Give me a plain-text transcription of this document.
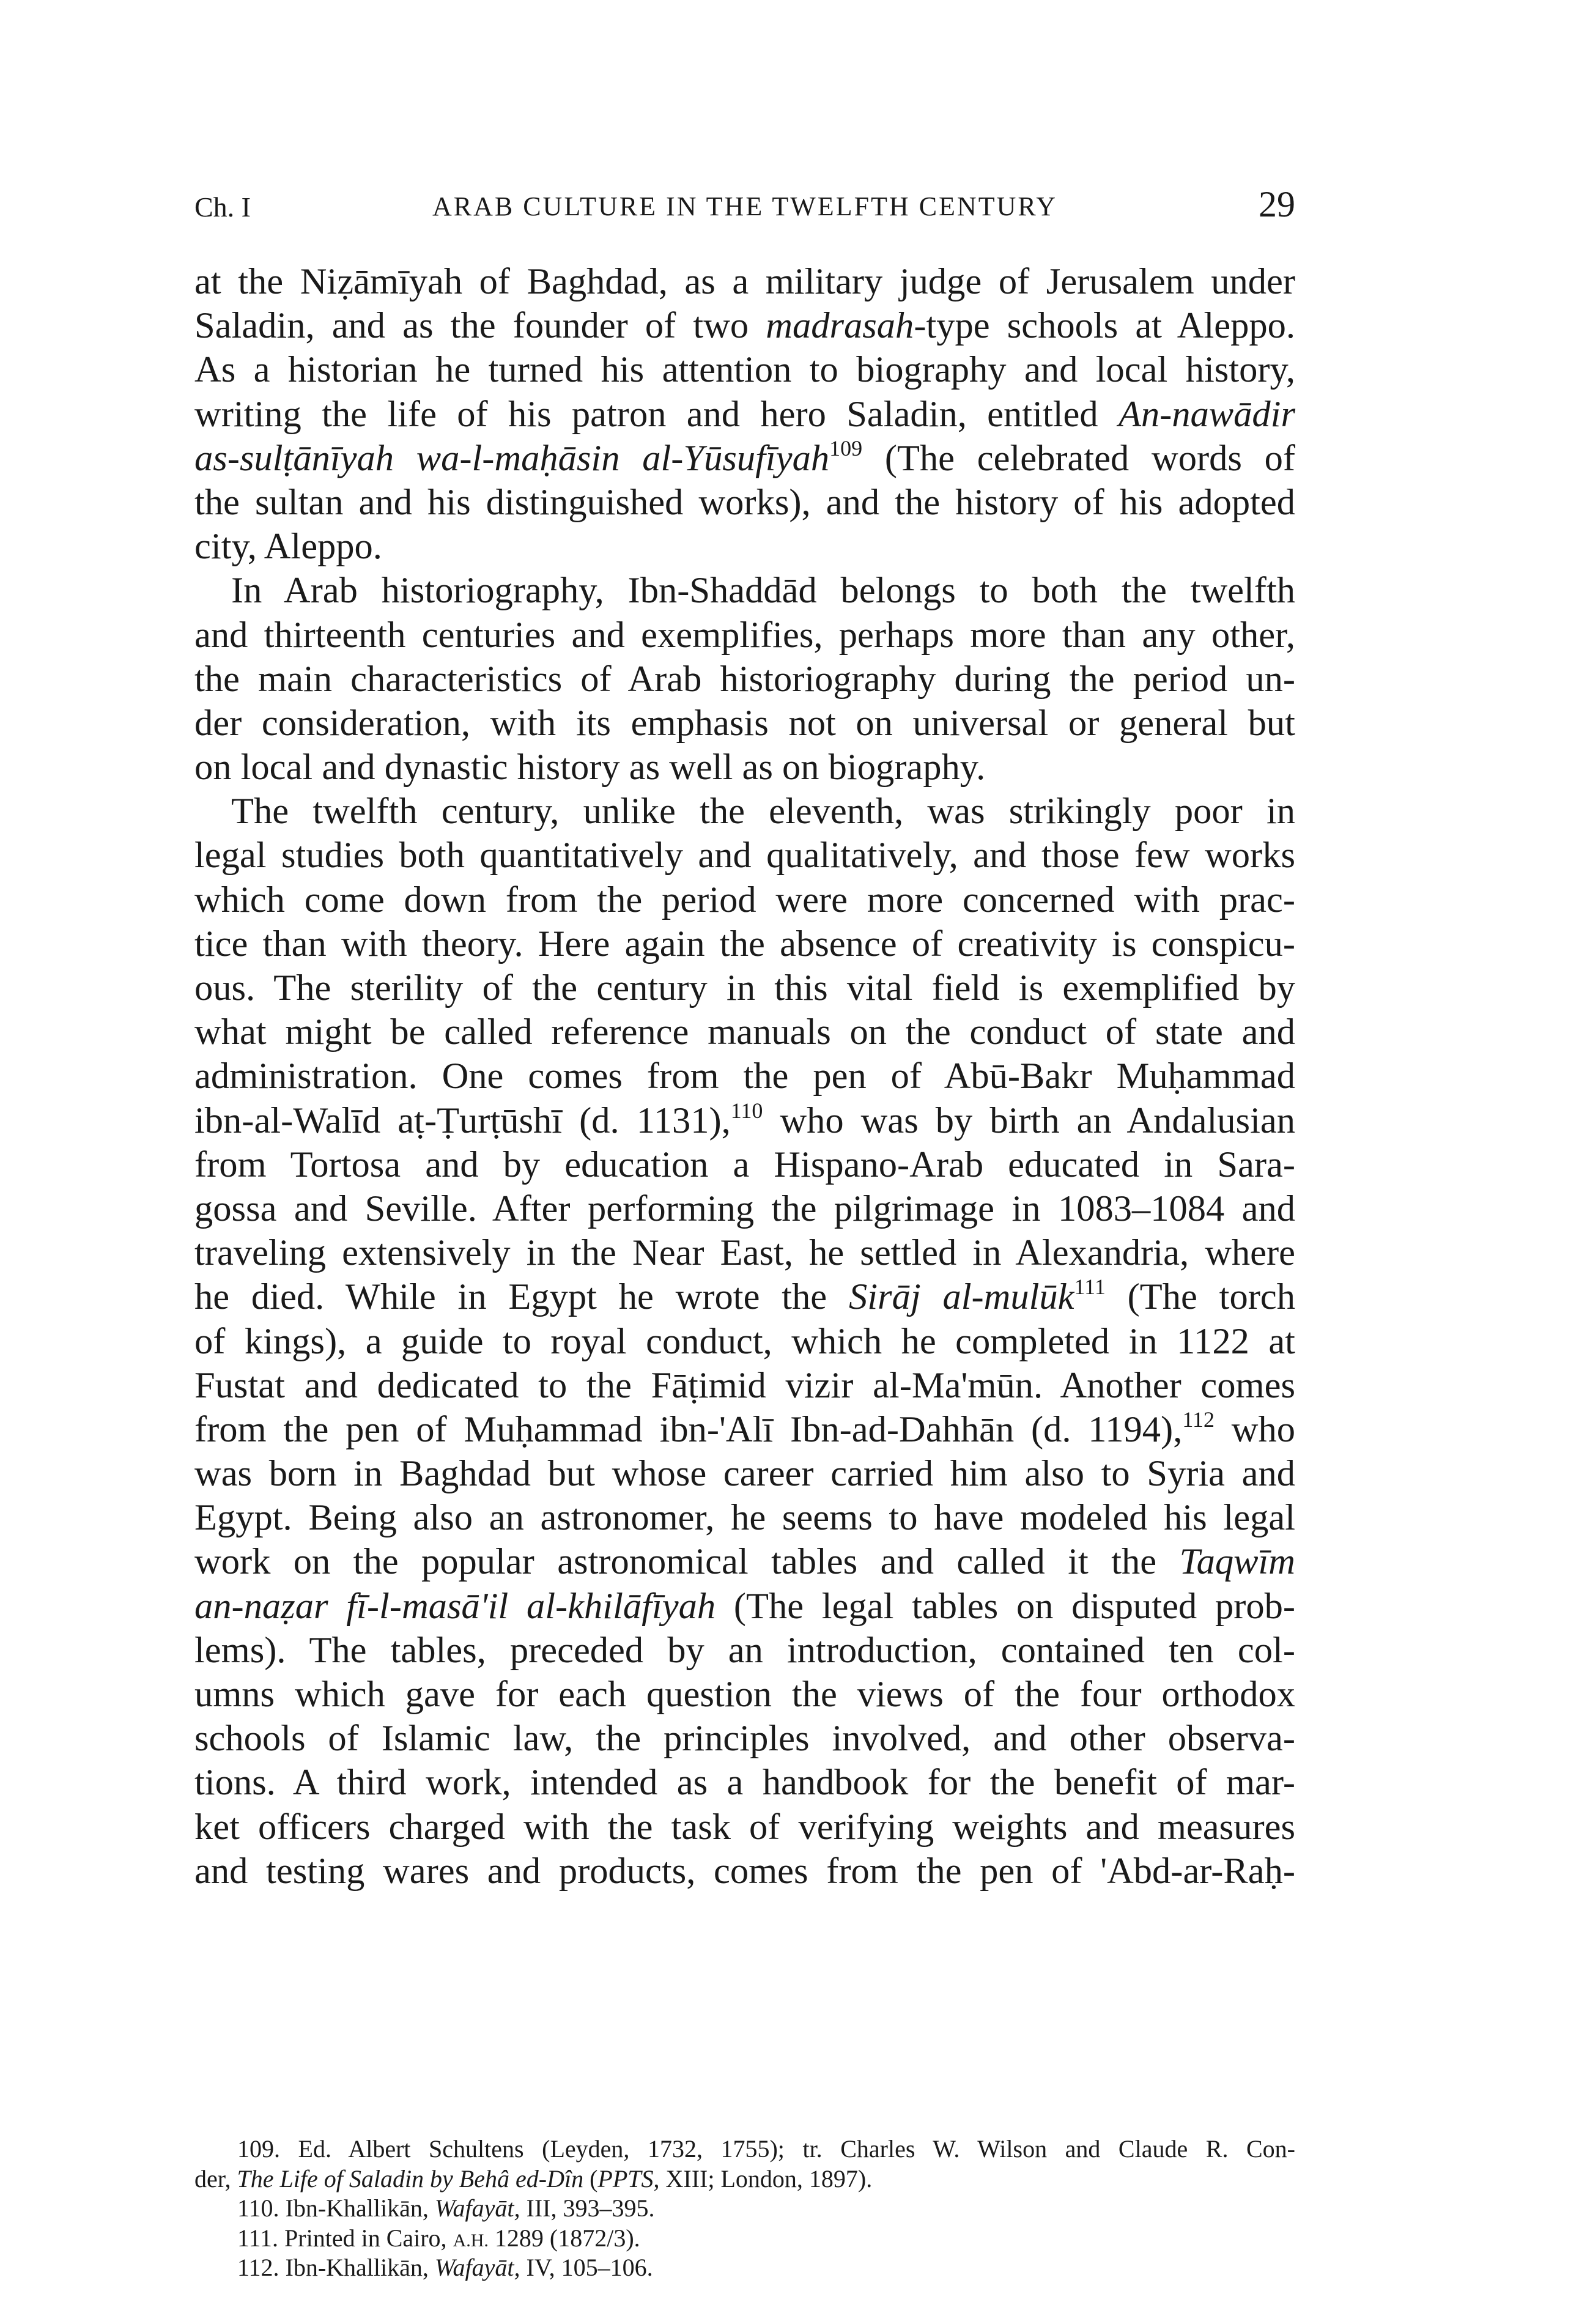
Ch. I	ARAB CULTURE IN THE TWELFTH CENTURY	29
at the Niẓāmīyah of Baghdad, as a military judge of Jerusalem under
Saladin, and as the founder of two madrasah-type schools at Aleppo.
As a historian he turned his attention to biography and local history,
writing the life of his patron and hero Saladin, entitled An-nawādir
as-sulṭānīyah wa-l-maḥāsin al-Yūsufīyah$^{109}$ (The celebrated words of
the sultan and his distinguished works), and the history of his adopted
city, Aleppo.
In Arab historiography, Ibn-Shaddād belongs to both the twelfth
and thirteenth centuries and exemplifies, perhaps more than any other,
the main characteristics of Arab historiography during the period un-
der consideration, with its emphasis not on universal or general but
on local and dynastic history as well as on biography.
The twelfth century, unlike the eleventh, was strikingly poor in
legal studies both quantitatively and qualitatively, and those few works
which come down from the period were more concerned with prac-
tice than with theory. Here again the absence of creativity is conspicu-
ous. The sterility of the century in this vital field is exemplified by
what might be called reference manuals on the conduct of state and
administration. One comes from the pen of Abū-Bakr Muḥammad
ibn-al-Walīd aṭ-Ṭurṭūshī (d. 1131),$^{110}$ who was by birth an Andalusian
from Tortosa and by education a Hispano-Arab educated in Sara-
gossa and Seville. After performing the pilgrimage in 1083–1084 and
traveling extensively in the Near East, he settled in Alexandria, where
he died. While in Egypt he wrote the Sirāj al-mulūk$^{111}$ (The torch
of kings), a guide to royal conduct, which he completed in 1122 at
Fustat and dedicated to the Fāṭimid vizir al-Ma'mūn. Another comes
from the pen of Muḥammad ibn-'Alī Ibn-ad-Dahhān (d. 1194),$^{112}$ who
was born in Baghdad but whose career carried him also to Syria and
Egypt. Being also an astronomer, he seems to have modeled his legal
work on the popular astronomical tables and called it the Taqwīm
an-naẓar fī-l-masā'il al-khilāfīyah (The legal tables on disputed prob-
lems). The tables, preceded by an introduction, contained ten col-
umns which gave for each question the views of the four orthodox
schools of Islamic law, the principles involved, and other observa-
tions. A third work, intended as a handbook for the benefit of mar-
ket officers charged with the task of verifying weights and measures
and testing wares and products, comes from the pen of 'Abd-ar-Raḥ-
109. Ed. Albert Schultens (Leyden, 1732, 1755); tr. Charles W. Wilson and Claude R. Con-
der, The Life of Saladin by Behâ ed-Dîn (PPTS, XIII; London, 1897).
110. Ibn-Khallikān, Wafayāt, III, 393–395.
111. Printed in Cairo, A.H. 1289 (1872/3).
112. Ibn-Khallikān, Wafayāt, IV, 105–106.
